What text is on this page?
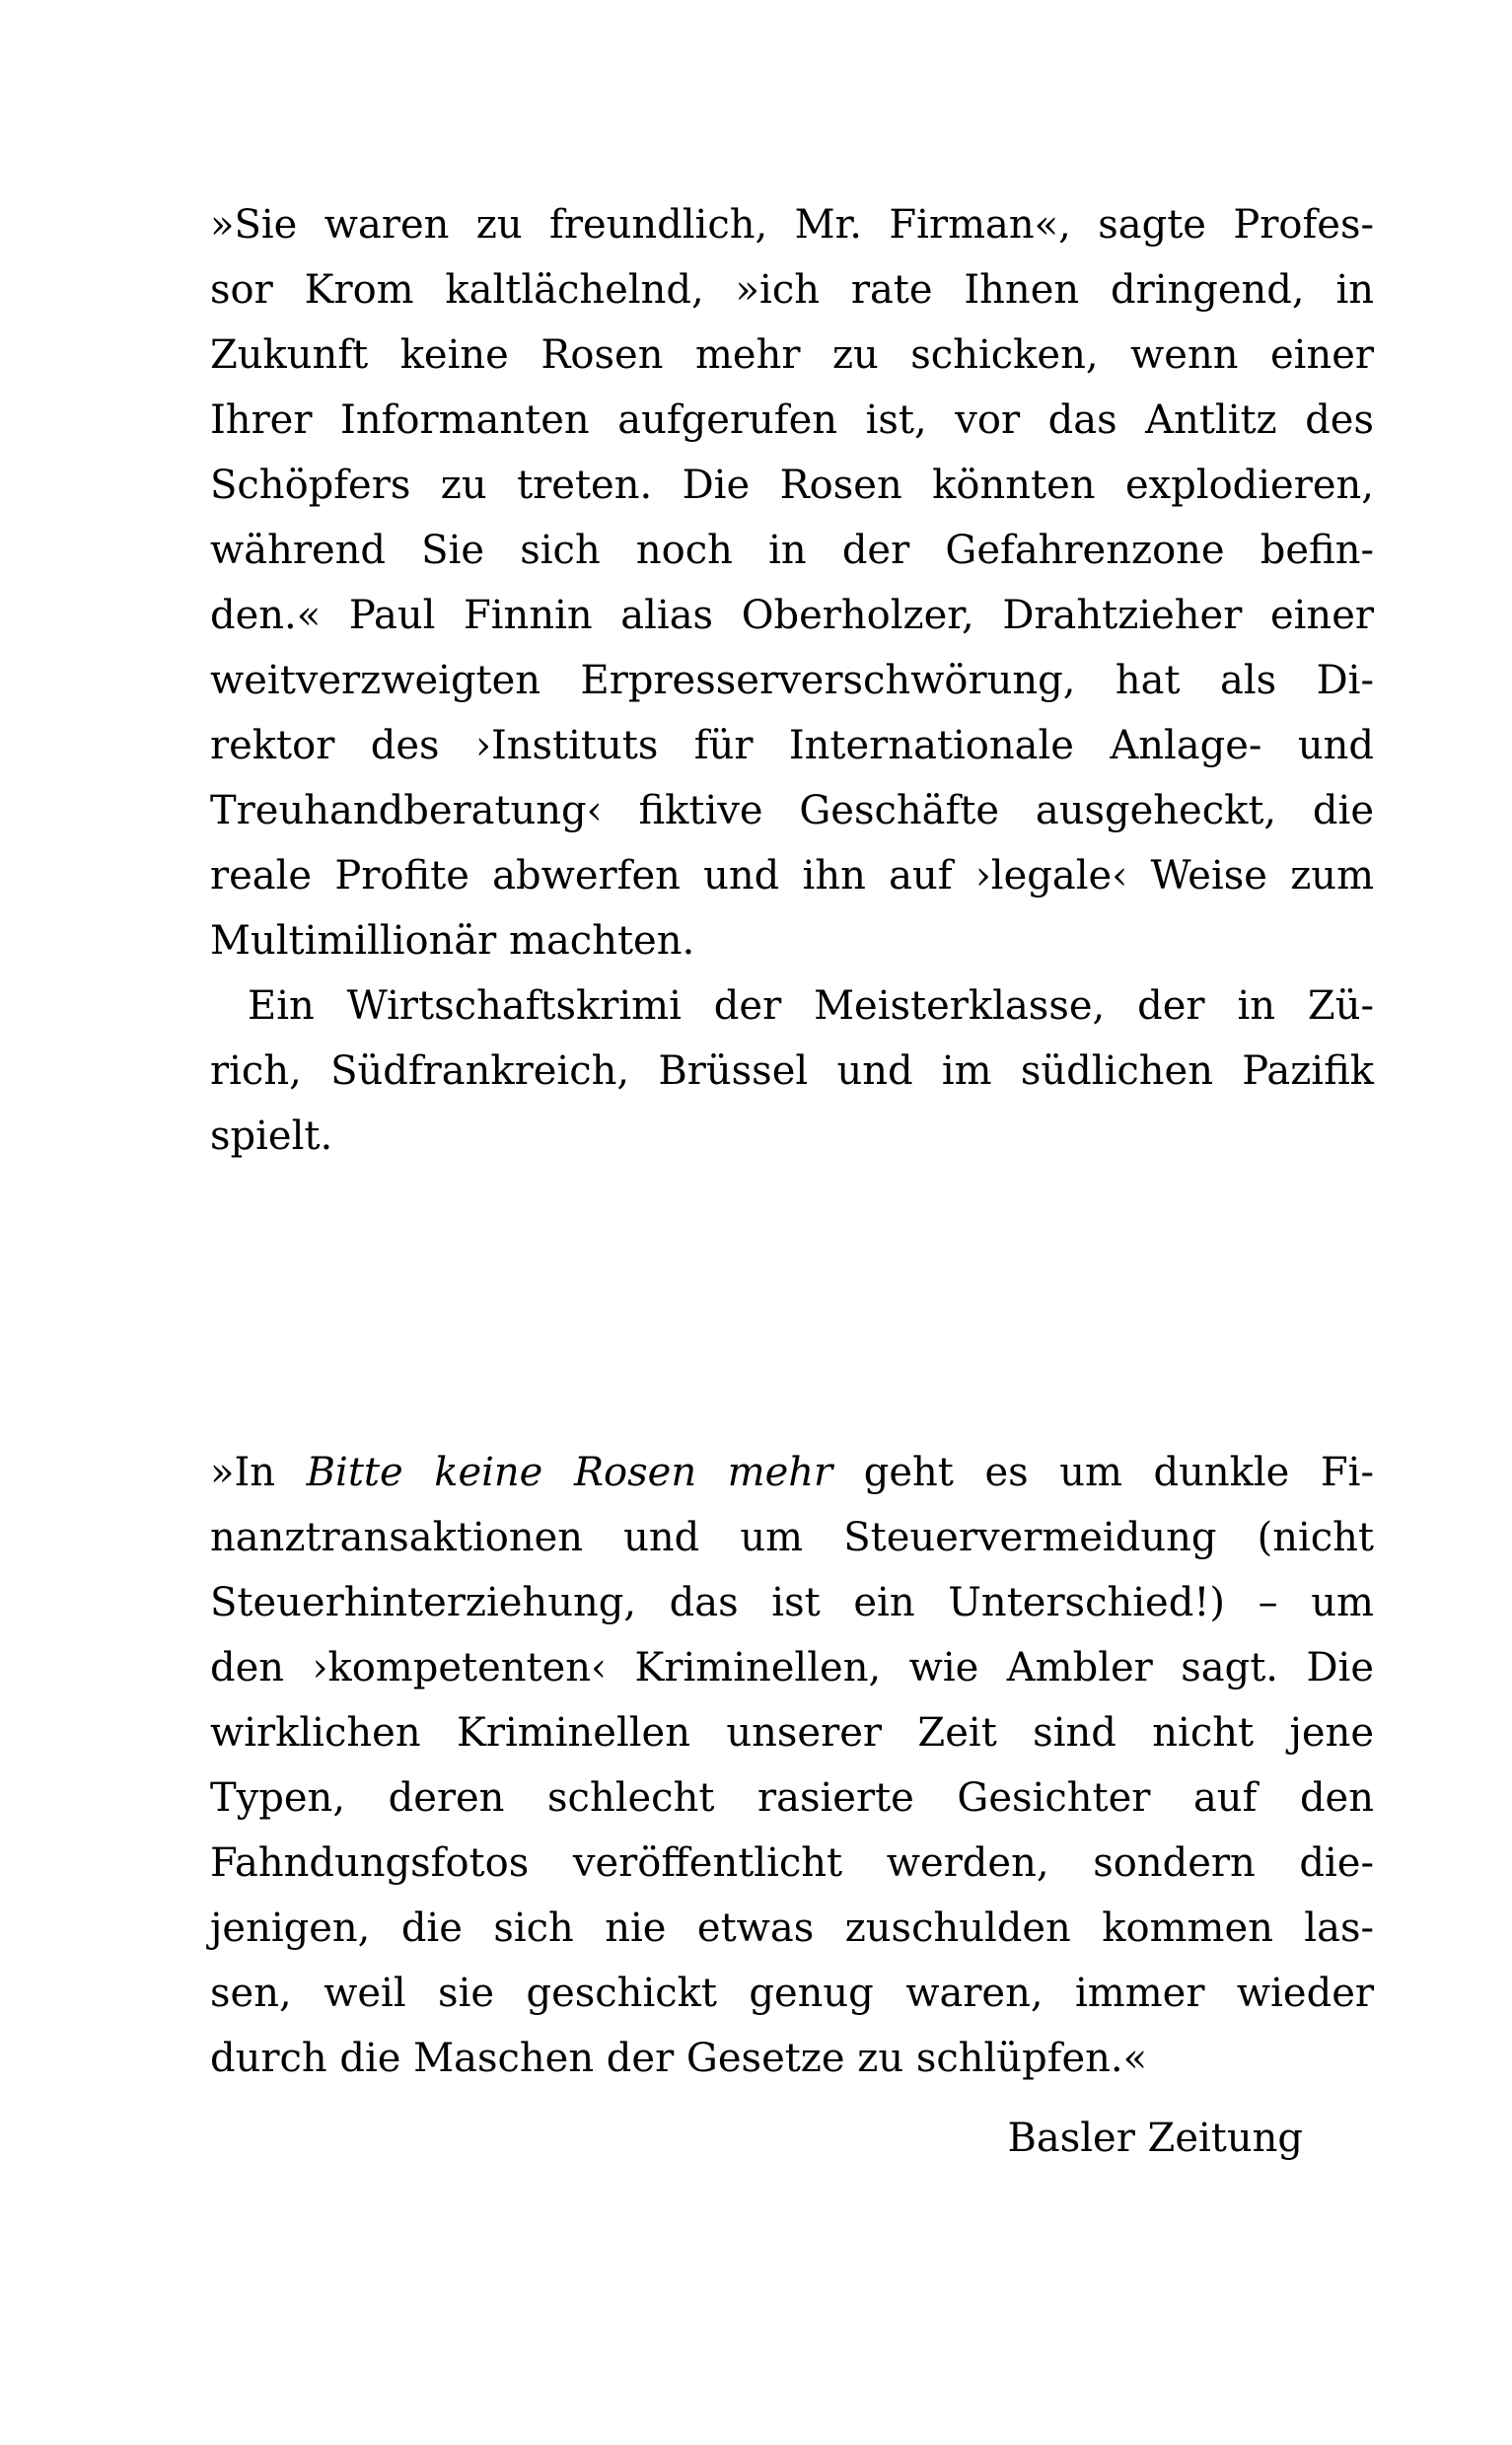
»Sie waren zu freundlich, Mr. Firman«, sagte Profes-
sor Krom kaltlächelnd, »ich rate Ihnen dringend, in
Zukunft keine Rosen mehr zu schicken, wenn einer
Ihrer Informanten aufgerufen ist, vor das Antlitz des
Schöpfers zu treten. Die Rosen könnten explodieren,
während Sie sich noch in der Gefahrenzone befin-
den.« Paul Finnin alias Oberholzer, Drahtzieher einer
weitverzweigten Erpresserverschwörung, hat als Di-
rektor des ›Instituts für Internationale Anlage- und
Treuhandberatung‹ fiktive Geschäfte ausgeheckt, die
reale Profite abwerfen und ihn auf ›legale‹ Weise zum
Multimillionär machten.
Ein Wirtschaftskrimi der Meisterklasse, der in Zü-
rich, Südfrankreich, Brüssel und im südlichen Pazifik
spielt.
»In Bitte keine Rosen mehr geht es um dunkle Fi-
nanztransaktionen und um Steuervermeidung (nicht
Steuerhinterziehung, das ist ein Unterschied!) – um
den ›kompetenten‹ Kriminellen, wie Ambler sagt. Die
wirklichen Kriminellen unserer Zeit sind nicht jene
Typen, deren schlecht rasierte Gesichter auf den
Fahndungsfotos veröffentlicht werden, sondern die-
jenigen, die sich nie etwas zuschulden kommen las-
sen, weil sie geschickt genug waren, immer wieder
durch die Maschen der Gesetze zu schlüpfen.«
Basler Zeitung
